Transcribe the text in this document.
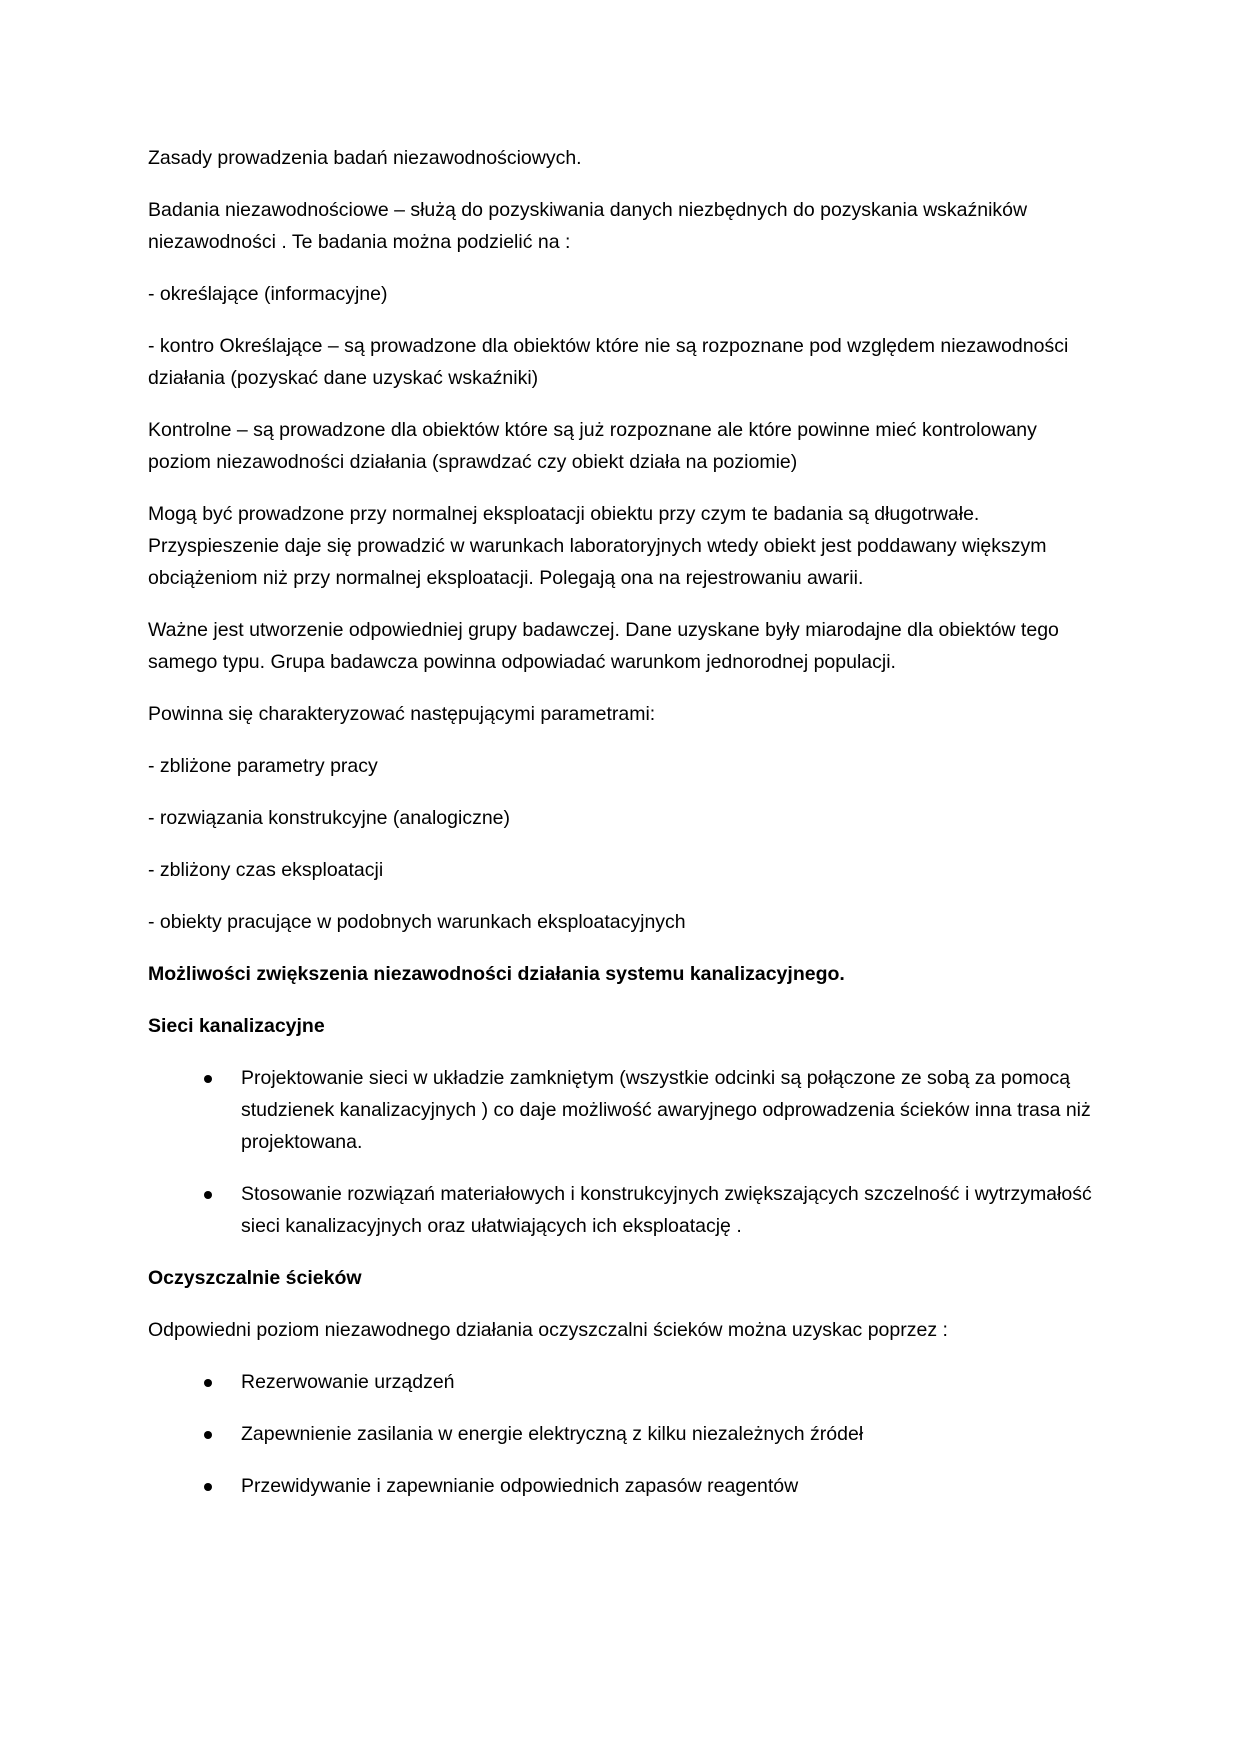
Zasady prowadzenia badań niezawodnościowych.

Badania niezawodnościowe – służą do pozyskiwania danych niezbędnych do pozyskania wskaźników niezawodności . Te badania można podzielić na :

- określające (informacyjne)

- kontro Określające – są prowadzone dla obiektów które nie są rozpoznane pod względem niezawodności działania (pozyskać dane uzyskać wskaźniki)

Kontrolne – są prowadzone dla obiektów które są już rozpoznane ale które powinne mieć kontrolowany poziom niezawodności działania (sprawdzać czy obiekt działa na poziomie)

Mogą być prowadzone przy normalnej eksploatacji obiektu przy czym te badania są długotrwałe. Przyspieszenie daje się prowadzić w warunkach laboratoryjnych wtedy obiekt jest poddawany większym obciążeniom niż przy normalnej eksploatacji. Polegają ona na rejestrowaniu awarii.

Ważne jest utworzenie odpowiedniej grupy badawczej. Dane uzyskane były miarodajne dla obiektów tego samego typu. Grupa badawcza powinna odpowiadać warunkom jednorodnej populacji.

Powinna się charakteryzować następującymi parametrami:

- zbliżone parametry pracy

- rozwiązania konstrukcyjne (analogiczne)

- zbliżony czas eksploatacji

- obiekty pracujące w podobnych warunkach eksploatacyjnych

Możliwości zwiększenia niezawodności działania systemu kanalizacyjnego.

Sieci kanalizacyjne

Projektowanie sieci w układzie zamkniętym (wszystkie odcinki są połączone ze sobą za pomocą studzienek kanalizacyjnych ) co daje możliwość awaryjnego odprowadzenia ścieków inna trasa niż projektowana.
Stosowanie rozwiązań materiałowych i konstrukcyjnych zwiększających szczelność i wytrzymałość sieci kanalizacyjnych oraz ułatwiających ich eksploatację .

Oczyszczalnie ścieków

Odpowiedni poziom niezawodnego działania oczyszczalni ścieków można uzyskac poprzez :

Rezerwowanie urządzeń
Zapewnienie zasilania w energie elektryczną z kilku niezależnych źródeł
Przewidywanie i zapewnianie odpowiednich zapasów reagentów
